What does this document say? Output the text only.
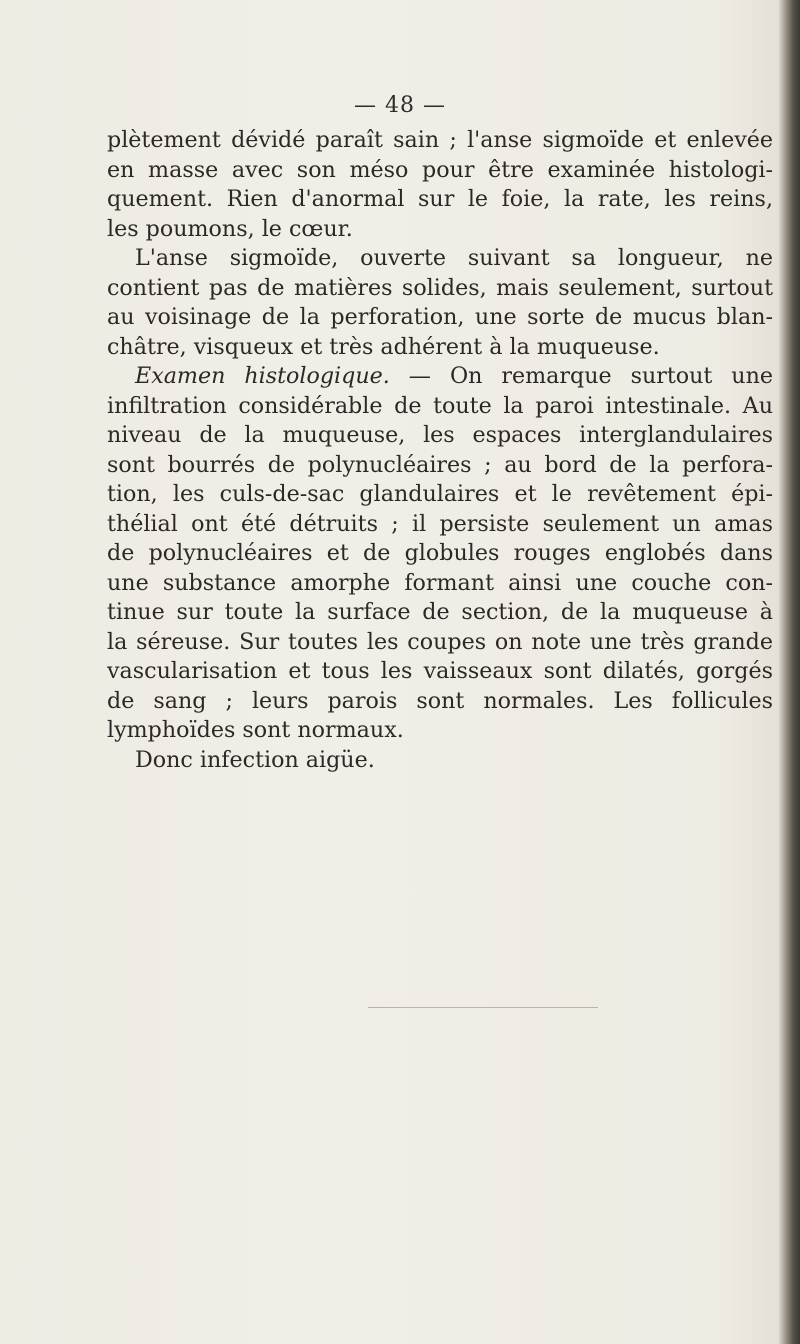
— 48 —
plètement dévidé paraît sain ; l'anse sigmoïde et enlevée
en masse avec son méso pour être examinée histologi-
quement. Rien d'anormal sur le foie, la rate, les reins,
les poumons, le cœur.
L'anse sigmoïde, ouverte suivant sa longueur, ne
contient pas de matières solides, mais seulement, surtout
au voisinage de la perforation, une sorte de mucus blan-
châtre, visqueux et très adhérent à la muqueuse.
Examen histologique. — On remarque surtout une
infiltration considérable de toute la paroi intestinale. Au
niveau de la muqueuse, les espaces interglandulaires
sont bourrés de polynucléaires ; au bord de la perfora-
tion, les culs-de-sac glandulaires et le revêtement épi-
thélial ont été détruits ; il persiste seulement un amas
de polynucléaires et de globules rouges englobés dans
une substance amorphe formant ainsi une couche con-
tinue sur toute la surface de section, de la muqueuse à
la séreuse. Sur toutes les coupes on note une très grande
vascularisation et tous les vaisseaux sont dilatés, gorgés
de sang ; leurs parois sont normales. Les follicules
lymphoïdes sont normaux.
Donc infection aigüe.
